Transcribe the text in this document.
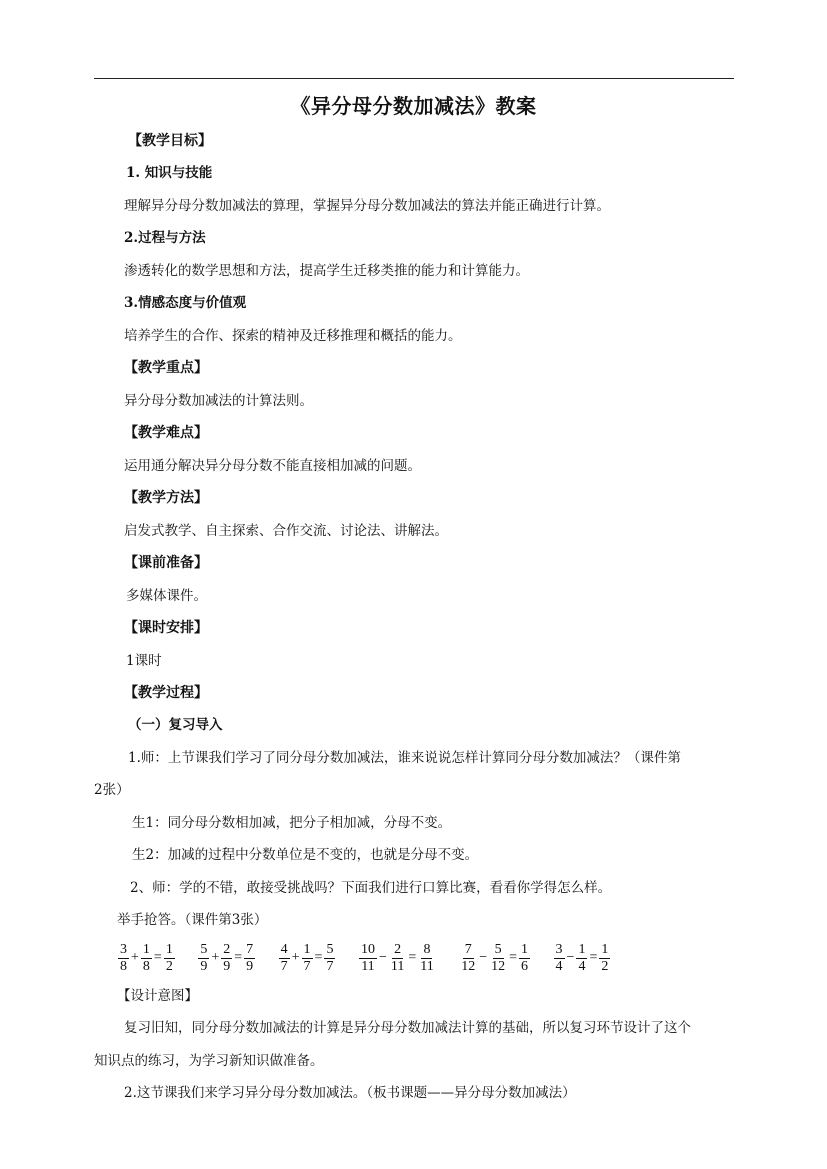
《异分母分数加减法》教案
【教学目标】
1. 知识与技能
理解异分母分数加减法的算理，掌握异分母分数加减法的算法并能正确进行计算。
2.过程与方法
渗透转化的数学思想和方法，提高学生迁移类推的能力和计算能力。
3.情感态度与价值观
培养学生的合作、探索的精神及迁移推理和概括的能力。
【教学重点】
异分母分数加减法的计算法则。
【教学难点】
运用通分解决异分母分数不能直接相加减的问题。
【教学方法】
启发式教学、自主探索、合作交流、讨论法、讲解法。
【课前准备】
多媒体课件。
【课时安排】
1课时
【教学过程】
（一）复习导入
1.师：上节课我们学习了同分母分数加减法，谁来说说怎样计算同分母分数加减法？（课件第
2张）
生1：同分母分数相加减，把分子相加减，分母不变。
生2：加减的过程中分数单位是不变的，也就是分母不变。
2、师：学的不错，敢接受挑战吗？下面我们进行口算比赛，看看你学得怎么样。
举手抢答。（课件第3张）
$\frac{3}{8} + \frac{1}{8} = \frac{1}{2}$
$\frac{5}{9} + \frac{2}{9} = \frac{7}{9}$
$\frac{4}{7} + \frac{1}{7} = \frac{5}{7}$
$\frac{10}{11} - \frac{2}{11} = \frac{8}{11}$
$\frac{7}{12} - \frac{5}{12} = \frac{1}{6}$
$\frac{3}{4} - \frac{1}{4} = \frac{1}{2}$
【设计意图】
复习旧知，同分母分数加减法的计算是异分母分数加减法计算的基础，所以复习环节设计了这个
知识点的练习，为学习新知识做准备。
2.这节课我们来学习异分母分数加减法。（板书课题——异分母分数加减法）
